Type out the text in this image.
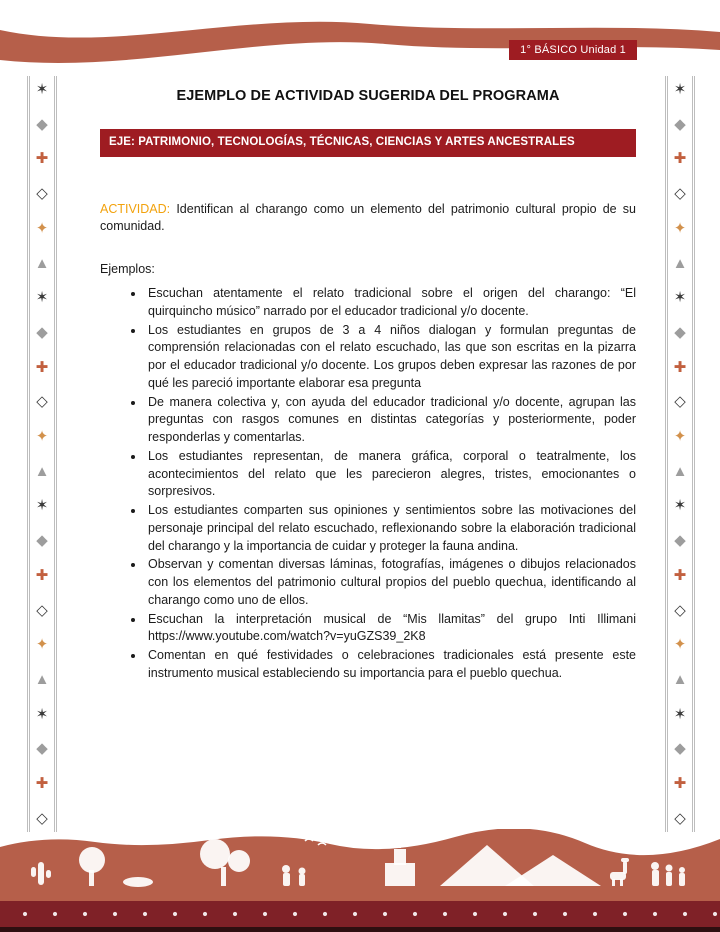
1° BÁSICO Unidad 1
✶
◆
✚
◇
✦
▲
✶
◆
✚
◇
✦
▲
✶
◆
✚
◇
✦
▲
✶
◆
✚
◇
✶
◆
✚
◇
✦
▲
✶
◆
✚
◇
✦
▲
✶
◆
✚
◇
✦
▲
✶
◆
✚
◇
EJEMPLO DE ACTIVIDAD SUGERIDA DEL PROGRAMA
EJE: PATRIMONIO, TECNOLOGÍAS, TÉCNICAS, CIENCIAS Y ARTES ANCESTRALES

ACTIVIDAD: Identifican al charango como un elemento del patrimonio cultural propio de su comunidad.

Ejemplos:

• Escuchan atentamente el relato tradicional sobre el origen del charango: “El quirquincho músico” narrado por el educador tradicional y/o docente.
• Los estudiantes en grupos de 3 a 4 niños dialogan y formulan preguntas de comprensión relacionadas con el relato escuchado, las que son escritas en la pizarra por el educador tradicional y/o docente. Los grupos deben expresar las razones de por qué les pareció importante elaborar esa pregunta
• De manera colectiva y, con ayuda del educador tradicional y/o docente, agrupan las preguntas con rasgos comunes en distintas categorías y posteriormente, poder responderlas y comentarlas.
• Los estudiantes representan, de manera gráfica, corporal o teatralmente, los acontecimientos del relato que les parecieron alegres, tristes, emocionantes o sorpresivos.
• Los estudiantes comparten sus opiniones y sentimientos sobre las motivaciones del personaje principal del relato escuchado, reflexionando sobre la elaboración tradicional del charango y la importancia de cuidar y proteger la fauna andina.
• Observan y comentan diversas láminas, fotografías, imágenes o dibujos relacionados con los elementos del patrimonio cultural propios del pueblo quechua, identificando al charango como uno de ellos.
• Escuchan la interpretación musical de “Mis llamitas” del grupo Inti Illimani https://www.youtube.com/watch?v=yuGZS39_2K8
• Comentan en qué festividades o celebraciones tradicionales está presente este instrumento musical estableciendo su importancia para el pueblo quechua.
